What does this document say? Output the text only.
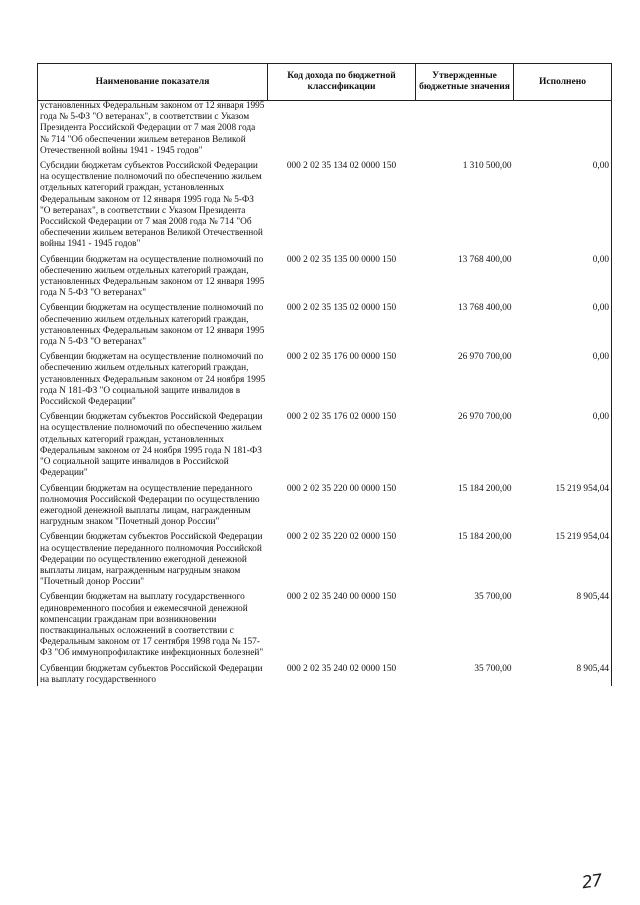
Наименование показателя	Код дохода по бюджетной классификации	Утвержденные бюджетные значения	Исполнено
установленных Федеральным законом от 12 января 1995 года № 5-ФЗ "О ветеранах", в соответствии с Указом Президента Российской Федерации от 7 мая 2008 года № 714 "Об обеспечении жильем ветеранов Великой Отечественной войны 1941 - 1945 годов"			
Субсидии бюджетам субъектов Российской Федерации на осуществление полномочий по обеспечению жильем отдельных категорий граждан, установленных Федеральным законом от 12 января 1995 года № 5-ФЗ "О ветеранах", в соответствии с Указом Президента Российской Федерации от 7 мая 2008 года № 714 "Об обеспечении жильем ветеранов Великой Отечественной войны 1941 - 1945 годов"	000 2 02 35 134 02 0000 150	1 310 500,00	0,00
Субвенции бюджетам на осуществление полномочий по обеспечению жильем отдельных категорий граждан, установленных Федеральным законом от 12 января 1995 года N 5-ФЗ "О ветеранах"	000 2 02 35 135 00 0000 150	13 768 400,00	0,00
Субвенции бюджетам на осуществление полномочий по обеспечению жильем отдельных категорий граждан, установленных Федеральным законом от 12 января 1995 года N 5-ФЗ "О ветеранах"	000 2 02 35 135 02 0000 150	13 768 400,00	0,00
Субвенции бюджетам на осуществление полномочий по обеспечению жильем отдельных категорий граждан, установленных Федеральным законом от 24 ноября 1995 года N 181-ФЗ "О социальной защите инвалидов в Российской Федерации"	000 2 02 35 176 00 0000 150	26 970 700,00	0,00
Субвенции бюджетам субъектов Российской Федерации на осуществление полномочий по обеспечению жильем отдельных категорий граждан, установленных Федеральным законом от 24 ноября 1995 года N 181-ФЗ "О социальной защите инвалидов в Российской Федерации"	000 2 02 35 176 02 0000 150	26 970 700,00	0,00
Субвенции бюджетам на осуществление переданного полномочия Российской Федерации по осуществлению ежегодной денежной выплаты лицам, награжденным нагрудным знаком "Почетный донор России"	000 2 02 35 220 00 0000 150	15 184 200,00	15 219 954,04
Субвенции бюджетам субъектов Российской Федерации на осуществление переданного полномочия Российской Федерации по осуществлению ежегодной денежной выплаты лицам, награжденным нагрудным знаком "Почетный донор России"	000 2 02 35 220 02 0000 150	15 184 200,00	15 219 954,04
Субвенции бюджетам на выплату государственного единовременного пособия и ежемесячной денежной компенсации гражданам при возникновении поствакцинальных осложнений в соответствии с Федеральным законом от 17 сентября 1998 года № 157-ФЗ "Об иммунопрофилактике инфекционных болезней"	000 2 02 35 240 00 0000 150	35 700,00	8 905,44
Субвенции бюджетам субъектов Российской Федерации на выплату государственного	000 2 02 35 240 02 0000 150	35 700,00	8 905,44
27
